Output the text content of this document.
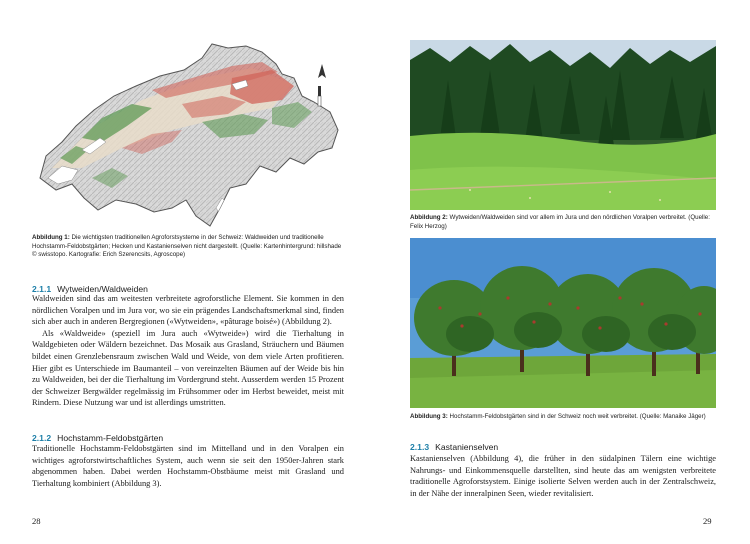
Abbildung 1: Die wichtigsten traditionellen Agroforstsysteme in der Schweiz: Waldweiden und traditionelle Hochstamm-Feldobstgärten; Hecken und Kastanienselven nicht dargestellt. (Quelle: Kartenhintergrund: hillshade © swisstopo. Kartografie: Erich Szerencsits, Agroscope)
2.1.1 Wytweiden/Waldweiden

Waldweiden sind das am weitesten verbreitete agroforstliche Element. Sie kommen in den nördlichen Voralpen und im Jura vor, wo sie ein prägendes Landschaftsmerkmal sind, finden sich aber auch in anderen Bergregionen («Wytweiden», «pâturage boisé») (Abbildung 2).

Als «Waldweide» (speziell im Jura auch «Wytweide») wird die Tierhaltung in Waldgebieten oder Wäldern bezeichnet. Das Mosaik aus Grasland, Sträuchern und Bäumen bildet einen Grenzlebensraum zwischen Wald und Weide, von dem viele Arten profitieren. Hier gibt es Unterschiede im Baumanteil – von vereinzelten Bäumen auf der Weide bis hin zu Waldweiden, bei der die Tierhaltung im Vordergrund steht. Ausserdem werden 15 Prozent der Schweizer Bergwälder regelmässig im Frühsommer oder im Herbst beweidet, meist mit Rindern. Diese Nutzung war und ist allerdings umstritten.

2.1.2 Hochstamm-Feldobstgärten

Traditionelle Hochstamm-Feldobstgärten sind im Mittelland und in den Voralpen ein wichtiges agroforstwirtschaftliches System, auch wenn sie seit den 1950er-Jahren stark abgenommen haben. Dabei werden Hochstamm-Obstbäume meist mit Grasland und Tierhaltung kombiniert (Abbildung 3).

28
Abbildung 2: Wytweiden/Waldweiden sind vor allem im Jura und den nördlichen Voralpen verbreitet. (Quelle: Felix Herzog)
Abbildung 3: Hochstamm-Feldobstgärten sind in der Schweiz noch weit verbreitet. (Quelle: Manaike Jäger)
2.1.3 Kastanienselven

Kastanienselven (Abbildung 4), die früher in den südalpinen Tälern eine wichtige Nahrungs- und Einkommensquelle darstellten, sind heute das am wenigsten verbreitete traditionelle Agroforstsystem. Einige isolierte Selven werden auch in der Zentralschweiz, in der Nähe der inneralpinen Seen, wieder revitalisiert.

29
